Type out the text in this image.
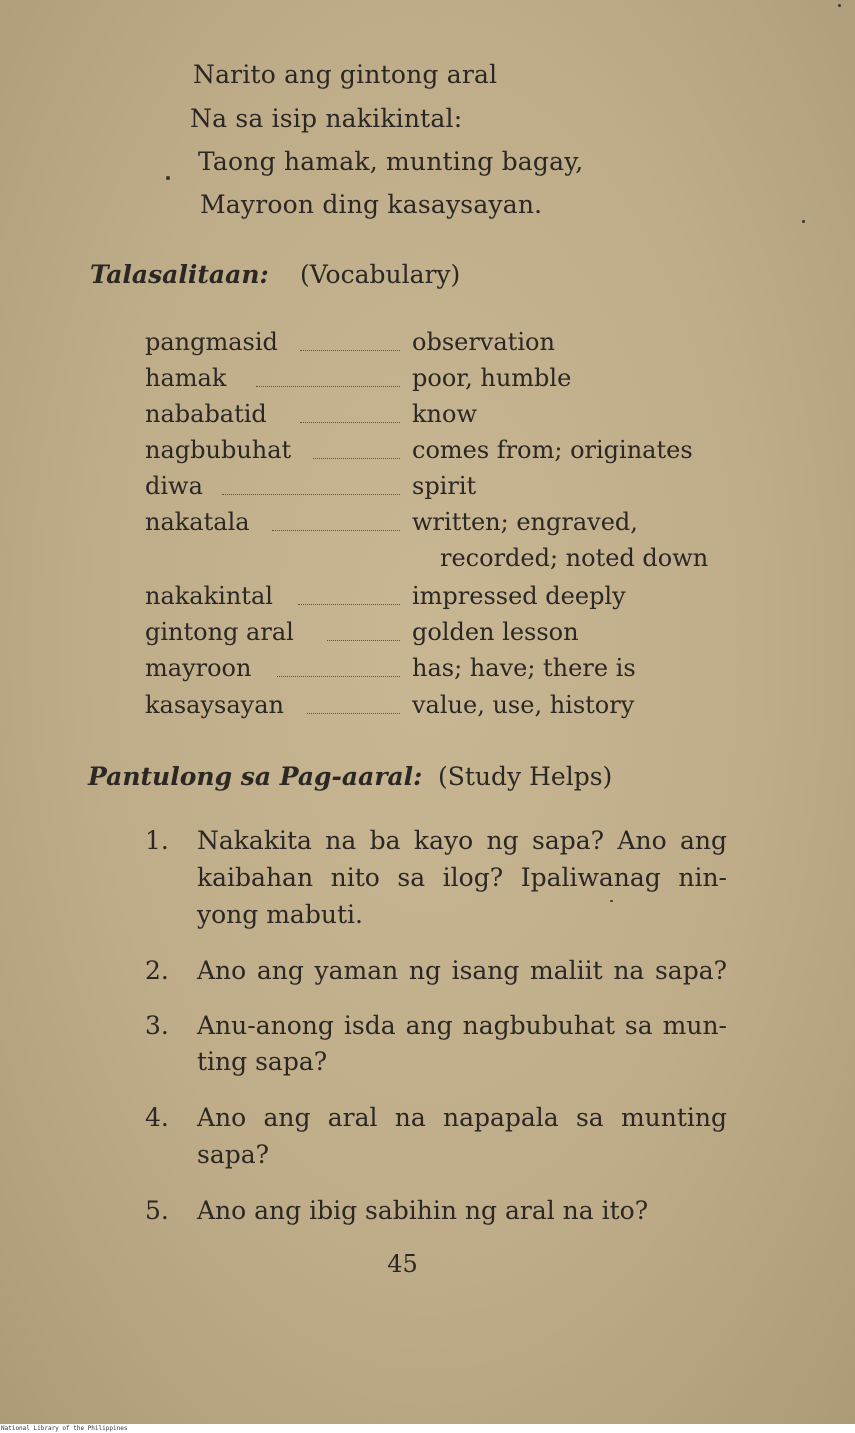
Narito ang gintong aral
Na sa isip nakikintal:
Taong hamak, munting bagay,
Mayroon ding kasaysayan.
Talasalitaan: (Vocabulary)
pangmasid	observation
hamak	poor, humble
nababatid	know
nagbubuhat	comes from; originates
diwa	spirit
nakatala	written; engraved,
recorded; noted down
nakakintal	impressed deeply
gintong aral	golden lesson
mayroon	has; have; there is
kasaysayan	value, use, history
Pantulong sa Pag-aaral: (Study Helps)
1. Nakakita na ba kayo ng sapa? Ano ang
kaibahan nito sa ilog? Ipaliwanag nin-
yong mabuti.
2. Ano ang yaman ng isang maliit na sapa?
3. Anu-anong isda ang nagbubuhat sa mun-
ting sapa?
4. Ano ang aral na napapala sa munting
sapa?
5. Ano ang ibig sabihin ng aral na ito?
45
National Library of the Philippines
